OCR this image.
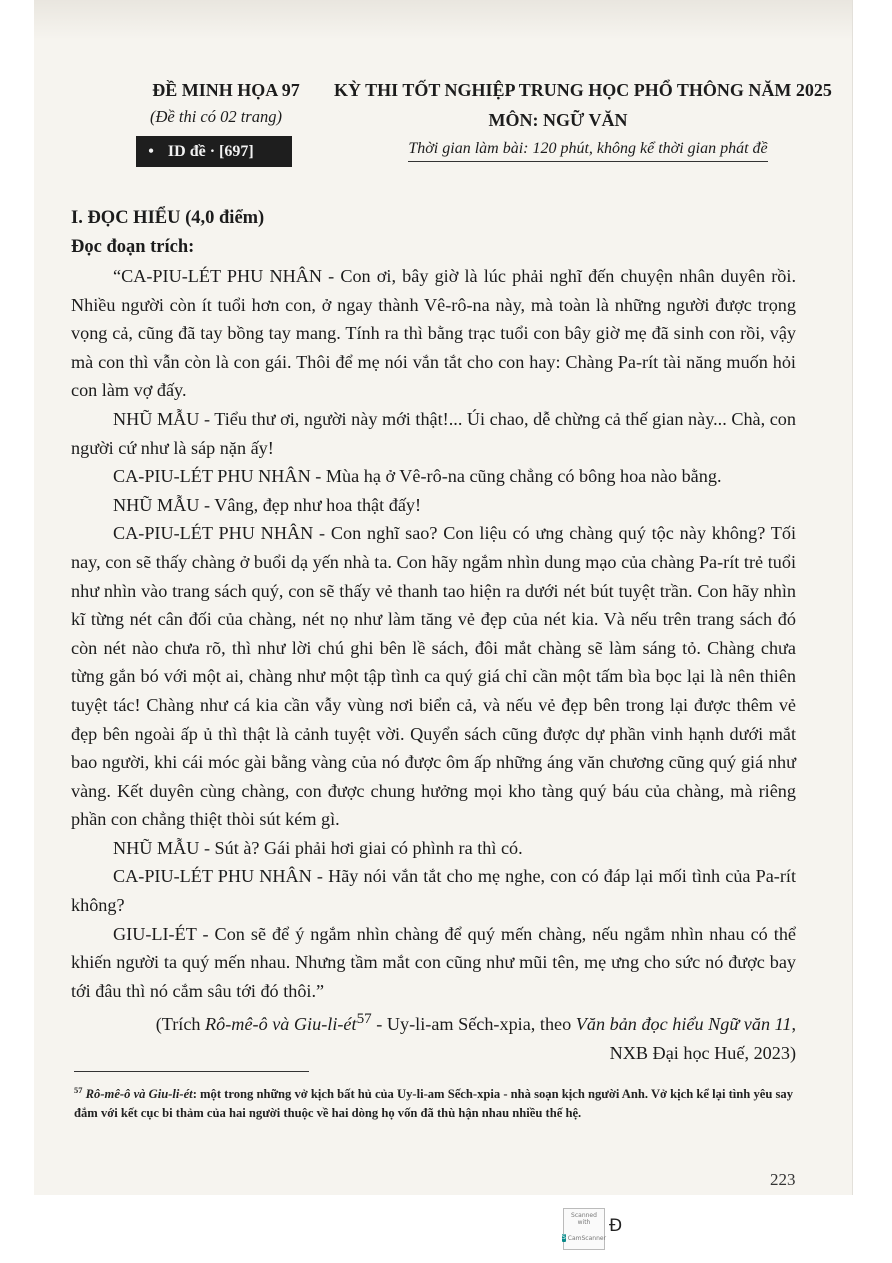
ĐỀ MINH HỌA 97
(Đề thi có 02 trang)
• ID đề · [697]
KỲ THI TỐT NGHIỆP TRUNG HỌC PHỔ THÔNG NĂM 2025
MÔN: NGỮ VĂN
Thời gian làm bài: 120 phút, không kể thời gian phát đề

I. ĐỌC HIỂU (4,0 điểm)

Đọc đoạn trích:

“CA-PIU-LÉT PHU NHÂN - Con ơi, bây giờ là lúc phải nghĩ đến chuyện nhân duyên rồi. Nhiều người còn ít tuổi hơn con, ở ngay thành Vê-rô-na này, mà toàn là những người được trọng vọng cả, cũng đã tay bồng tay mang. Tính ra thì bằng trạc tuổi con bây giờ mẹ đã sinh con rồi, vậy mà con thì vẫn còn là con gái. Thôi để mẹ nói vắn tắt cho con hay: Chàng Pa-rít tài năng muốn hỏi con làm vợ đấy.

NHŨ MẪU - Tiểu thư ơi, người này mới thật!... Úi chao, dễ chừng cả thế gian này... Chà, con người cứ như là sáp nặn ấy!

CA-PIU-LÉT PHU NHÂN - Mùa hạ ở Vê-rô-na cũng chẳng có bông hoa nào bằng.

NHŨ MẪU - Vâng, đẹp như hoa thật đấy!

CA-PIU-LÉT PHU NHÂN - Con nghĩ sao? Con liệu có ưng chàng quý tộc này không? Tối nay, con sẽ thấy chàng ở buổi dạ yến nhà ta. Con hãy ngắm nhìn dung mạo của chàng Pa-rít trẻ tuổi như nhìn vào trang sách quý, con sẽ thấy vẻ thanh tao hiện ra dưới nét bút tuyệt trần. Con hãy nhìn kĩ từng nét cân đối của chàng, nét nọ như làm tăng vẻ đẹp của nét kia. Và nếu trên trang sách đó còn nét nào chưa rõ, thì như lời chú ghi bên lề sách, đôi mắt chàng sẽ làm sáng tỏ. Chàng chưa từng gắn bó với một ai, chàng như một tập tình ca quý giá chỉ cần một tấm bìa bọc lại là nên thiên tuyệt tác! Chàng như cá kia cần vẫy vùng nơi biển cả, và nếu vẻ đẹp bên trong lại được thêm vẻ đẹp bên ngoài ấp ủ thì thật là cảnh tuyệt vời. Quyển sách cũng được dự phần vinh hạnh dưới mắt bao người, khi cái móc gài bằng vàng của nó được ôm ấp những áng văn chương cũng quý giá như vàng. Kết duyên cùng chàng, con được chung hưởng mọi kho tàng quý báu của chàng, mà riêng phần con chẳng thiệt thòi sút kém gì.

NHŨ MẪU - Sút à? Gái phải hơi giai có phình ra thì có.

CA-PIU-LÉT PHU NHÂN - Hãy nói vắn tắt cho mẹ nghe, con có đáp lại mối tình của Pa-rít không?

GIU-LI-ÉT - Con sẽ để ý ngắm nhìn chàng để quý mến chàng, nếu ngắm nhìn nhau có thể khiến người ta quý mến nhau. Nhưng tầm mắt con cũng như mũi tên, mẹ ưng cho sức nó được bay tới đâu thì nó cắm sâu tới đó thôi.”

(Trích Rô-mê-ô và Giu-$li-ét^{57} - Uy-li-am$ Sếch-xpia, theo Văn bản đọc hiểu Ngữ văn 11,
NXB Đại học Huế, 2023)

$^{57}$ Rô-mê-ô và Giu-li-ét: một trong những vở kịch bất hủ của Uy-li-am Sếch-xpia - nhà soạn kịch người Anh. Vở kịch kể lại tình yêu say đắm với kết cục bi thảm của hai người thuộc về hai dòng họ vốn đã thù hận nhau nhiều thế hệ.
223
Scanned with
S CamScanner
Đ
